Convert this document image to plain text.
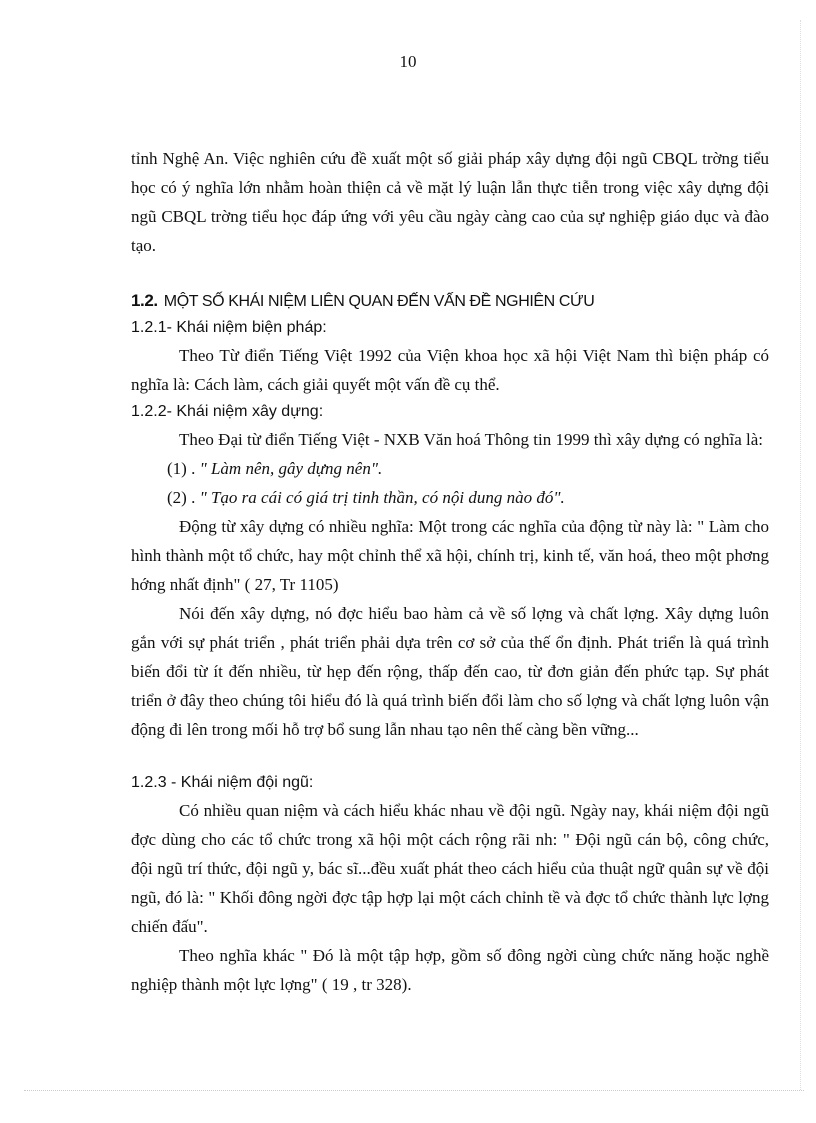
10

tỉnh Nghệ An. Việc nghiên cứu đề xuất một số giải pháp xây dựng đội ngũ CBQL trờng tiểu học có ý nghĩa lớn nhằm hoàn thiện cả về mặt lý luận lẫn thực tiễn trong việc xây dựng đội ngũ CBQL trờng tiểu học đáp ứng với yêu cầu ngày càng cao của sự nghiệp giáo dục và đào tạo.

1.2. MỘT SỐ KHÁI NIỆM LIÊN QUAN ĐẾN VẤN ĐỀ NGHIÊN CỨU
1.2.1- Khái niệm biện pháp:

Theo Từ điển Tiếng Việt 1992 của Viện khoa học xã hội Việt Nam thì biện pháp có nghĩa là: Cách làm, cách giải quyết một vấn đề cụ thể.

1.2.2- Khái niệm xây dựng:

Theo Đại từ điển Tiếng Việt - NXB Văn hoá Thông tin 1999 thì xây dựng có nghĩa là:

(1) . " Làm nên, gây dựng nên".

(2) . " Tạo ra cái có giá trị tinh thần, có nội dung nào đó".

Động từ xây dựng có nhiều nghĩa: Một trong các nghĩa của động từ này là: " Làm cho hình thành một tổ chức, hay một chỉnh thể xã hội, chính trị, kinh tế, văn hoá, theo một phơng hớng nhất định" ( 27, Tr 1105)

Nói đến xây dựng, nó đợc hiểu bao hàm cả về số lợng và chất lợng. Xây dựng luôn gắn với sự phát triển , phát triển phải dựa trên cơ sở của thế ổn định. Phát triển là quá trình biến đổi từ ít đến nhiều, từ hẹp đến rộng, thấp đến cao, từ đơn giản đến phức tạp. Sự phát triển ở đây theo chúng tôi hiểu đó là quá trình biến đổi làm cho số lợng và chất lợng luôn vận động đi lên trong mối hỗ trợ bổ sung lẫn nhau tạo nên thế càng bền vững...

1.2.3 - Khái niệm đội ngũ:

Có nhiều quan niệm và cách hiểu khác nhau về đội ngũ. Ngày nay, khái niệm đội ngũ đợc dùng cho các tổ chức trong xã hội một cách rộng rãi nh: " Đội ngũ cán bộ, công chức, đội ngũ trí thức, đội ngũ y, bác sĩ...đều xuất phát theo cách hiểu của thuật ngữ quân sự về đội ngũ, đó là: " Khối đông ngời đợc tập hợp lại một cách chỉnh tề và đợc tổ chức thành lực lợng chiến đấu".

Theo nghĩa khác " Đó là một tập hợp, gồm số đông ngời cùng chức năng hoặc nghề nghiệp thành một lực lợng" ( 19 , tr 328).
